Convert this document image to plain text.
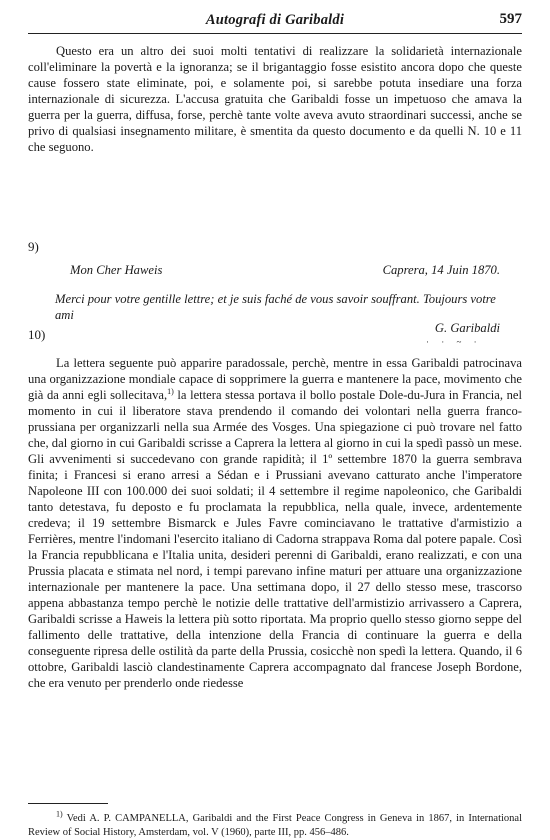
Autografi di Garibaldi	597

Questo era un altro dei suoi molti tentativi di realizzare la solidarietà internazionale coll'eliminare la povertà e la ignoranza; se il brigantaggio fosse esistito ancora dopo che queste cause fossero state eliminate, poi, e solamente poi, si sarebbe potuta insediare una forza internazionale di sicurezza. L'accusa gratuita che Garibaldi fosse un impetuoso che amava la guerra per la guerra, diffusa, forse, perchè tante volte aveva avuto straordinari successi, anche se privo di qualsiasi insegnamento militare, è smentita da questo documento e da quelli N. 10 e 11 che seguono.

9)
Mon Cher Haweis	Caprera, 14 Juin 1870.
Merci pour votre gentille lettre; et je suis faché de vous savoir souffrant. Toujours votre ami
G. Garibaldi
· · ~ ·
10)

La lettera seguente può apparire paradossale, perchè, mentre in essa Garibaldi patrocinava una organizzazione mondiale capace di sopprimere la guerra e mantenere la pace, movimento che già da anni egli sollecitava,$^{1)}$ la lettera stessa portava il bollo postale Dole-du-Jura in Francia, nel momento in cui il liberatore stava prendendo il comando dei volontari nella guerra franco-prussiana per organizzarli nella sua Armée des Vosges. Una spiegazione ci può trovare nel fatto che, dal giorno in cui Garibaldi scrisse a Caprera la lettera al giorno in cui la spedì passò un mese. Gli avvenimenti si succedevano con grande rapidità; il 1º settembre 1870 la guerra sembrava finita; i Francesi si erano arresi a Sédan e i Prussiani avevano catturato anche l'imperatore Napoleone III con 100.000 dei suoi soldati; il 4 settembre il regime napoleonico, che Garibaldi tanto detestava, fu deposto e fu proclamata la repubblica, nella quale, invece, ardentemente credeva; il 19 settembre Bismarck e Jules Favre cominciavano le trattative d'armistizio a Ferrières, mentre l'indomani l'esercito italiano di Cadorna strappava Roma dal potere papale. Così la Francia repubblicana e l'Italia unita, desideri perenni di Garibaldi, erano realizzati, e con una Prussia placata e stimata nel nord, i tempi parevano infine maturi per attuare una organizzazione internazionale per mantenere la pace. Una settimana dopo, il 27 dello stesso mese, trascorso appena abbastanza tempo perchè le notizie delle trattative dell'armistizio arrivassero a Caprera, Garibaldi scrisse a Haweis la lettera più sotto riportata. Ma proprio quello stesso giorno seppe del fallimento delle trattative, della intenzione della Francia di continuare la guerra e della conseguente ripresa delle ostilità da parte della Prussia, cosicchè non spedì la lettera. Quando, il 6 ottobre, Garibaldi lasciò clandestinamente Caprera accompagnato dal francese Joseph Bordone, che era venuto per prenderlo onde riedesse

$^{1)}$ Vedi A. P. CAMPANELLA, Garibaldi and the First Peace Congress in Geneva in 1867, in International Review of Social History, Amsterdam, vol. V (1960), parte III, pp. 456–486.
